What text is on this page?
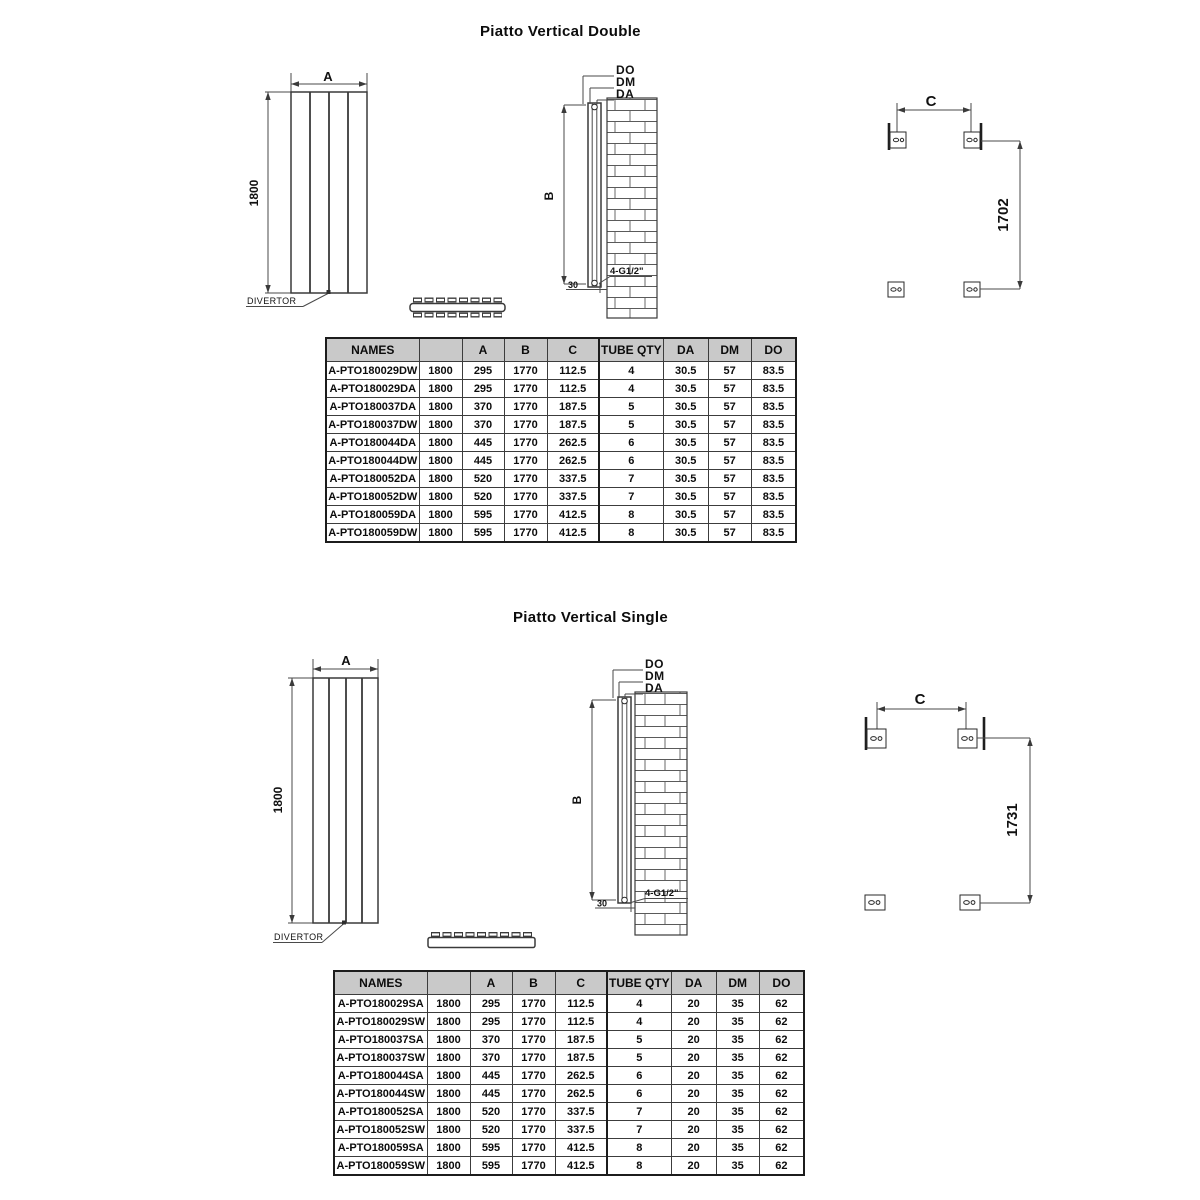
A
1800
DIVERTOR
DO
DM
DA
B
4-G1/2"
30
C
1702
A
1800
DIVERTOR
DO
DM
DA
B
4-G1/2"
30
C
1731
Piatto Vertical Double
Piatto Vertical Single
NAMES		A	B	C	TUBE QTY	DA	DM	DO
A-PTO180029DW	1800	295	1770	112.5	4	30.5	57	83.5
A-PTO180029DA	1800	295	1770	112.5	4	30.5	57	83.5
A-PTO180037DA	1800	370	1770	187.5	5	30.5	57	83.5
A-PTO180037DW	1800	370	1770	187.5	5	30.5	57	83.5
A-PTO180044DA	1800	445	1770	262.5	6	30.5	57	83.5
A-PTO180044DW	1800	445	1770	262.5	6	30.5	57	83.5
A-PTO180052DA	1800	520	1770	337.5	7	30.5	57	83.5
A-PTO180052DW	1800	520	1770	337.5	7	30.5	57	83.5
A-PTO180059DA	1800	595	1770	412.5	8	30.5	57	83.5
A-PTO180059DW	1800	595	1770	412.5	8	30.5	57	83.5
NAMES		A	B	C	TUBE QTY	DA	DM	DO
A-PTO180029SA	1800	295	1770	112.5	4	20	35	62
A-PTO180029SW	1800	295	1770	112.5	4	20	35	62
A-PTO180037SA	1800	370	1770	187.5	5	20	35	62
A-PTO180037SW	1800	370	1770	187.5	5	20	35	62
A-PTO180044SA	1800	445	1770	262.5	6	20	35	62
A-PTO180044SW	1800	445	1770	262.5	6	20	35	62
A-PTO180052SA	1800	520	1770	337.5	7	20	35	62
A-PTO180052SW	1800	520	1770	337.5	7	20	35	62
A-PTO180059SA	1800	595	1770	412.5	8	20	35	62
A-PTO180059SW	1800	595	1770	412.5	8	20	35	62
